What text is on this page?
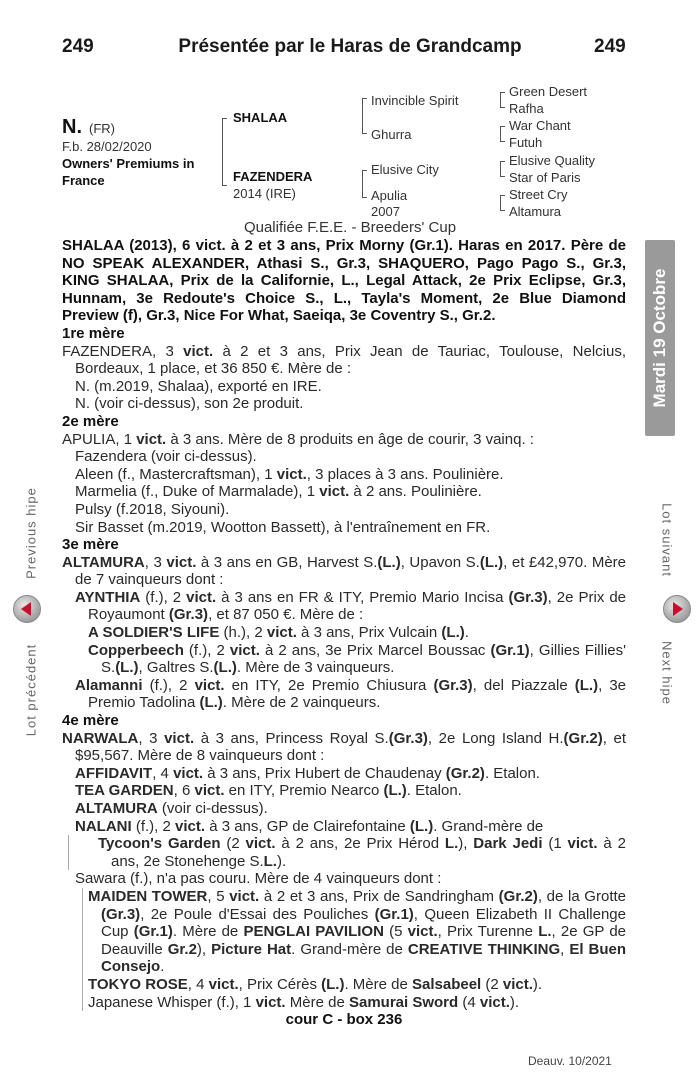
249	Présentée par le Haras de Grandcamp	249
N. (FR)
F.b. 28/02/2020
Owners' Premiums in
France
SHALAA
FAZENDERA
2014 (IRE)
Invincible Spirit
Ghurra
Elusive City
Apulia
2007
Green Desert
Rafha
War Chant
Futuh
Elusive Quality
Star of Paris
Street Cry
Altamura
Qualifiée F.E.E. - Breeders' Cup
Mardi 19 Octobre
Lot suivant
Next hipe
Previous hipe
Lot précédent

SHALAA (2013), 6 vict. à 2 et 3 ans, Prix Morny (Gr.1). Haras en 2017. Père de NO SPEAK ALEXANDER, Athasi S., Gr.3, SHAQUERO, Pago Pago S., Gr.3, KING SHALAA, Prix de la Californie, L., Legal Attack, 2e Prix Eclipse, Gr.3, Hunnam, 3e Redoute's Choice S., L., Tayla's Moment, 2e Blue Diamond Preview (f), Gr.3, Nice For What, Saeiqa, 3e Coventry S., Gr.2.

1re mère

FAZENDERA, 3 vict. à 2 et 3 ans, Prix Jean de Tauriac, Toulouse, Nelcius, Bordeaux, 1 place, et 36 850 €. Mère de :

N. (m.2019, Shalaa), exporté en IRE.

N. (voir ci-dessus), son 2e produit.

2e mère

APULIA, 1 vict. à 3 ans. Mère de 8 produits en âge de courir, 3 vainq. :

Fazendera (voir ci-dessus).

Aleen (f., Mastercraftsman), 1 vict., 3 places à 3 ans. Poulinière.

Marmelia (f., Duke of Marmalade), 1 vict. à 2 ans. Poulinière.

Pulsy (f.2018, Siyouni).

Sir Basset (m.2019, Wootton Bassett), à l'entraînement en FR.

3e mère

ALTAMURA, 3 vict. à 3 ans en GB, Harvest S.(L.), Upavon S.(L.), et £42,970. Mère de 7 vainqueurs dont :

AYNTHIA (f.), 2 vict. à 3 ans en FR & ITY, Premio Mario Incisa (Gr.3), 2e Prix de Royaumont (Gr.3), et 87 050 €. Mère de :

A SOLDIER'S LIFE (h.), 2 vict. à 3 ans, Prix Vulcain (L.).

Copperbeech (f.), 2 vict. à 2 ans, 3e Prix Marcel Boussac (Gr.1), Gillies Fillies' S.(L.), Galtres S.(L.). Mère de 3 vainqueurs.

Alamanni (f.), 2 vict. en ITY, 2e Premio Chiusura (Gr.3), del Piazzale (L.), 3e Premio Tadolina (L.). Mère de 2 vainqueurs.

4e mère

NARWALA, 3 vict. à 3 ans, Princess Royal S.(Gr.3), 2e Long Island H.(Gr.2), et $95,567. Mère de 8 vainqueurs dont :

AFFIDAVIT, 4 vict. à 3 ans, Prix Hubert de Chaudenay (Gr.2). Etalon.

TEA GARDEN, 6 vict. en ITY, Premio Nearco (L.). Etalon.

ALTAMURA (voir ci-dessus).

NALANI (f.), 2 vict. à 3 ans, GP de Clairefontaine (L.). Grand-mère de

Tycoon's Garden (2 vict. à 2 ans, 2e Prix Hérod L.), Dark Jedi (1 vict. à 2 ans, 2e Stonehenge S.L.).

Sawara (f.), n'a pas couru. Mère de 4 vainqueurs dont :

MAIDEN TOWER, 5 vict. à 2 et 3 ans, Prix de Sandringham (Gr.2), de la Grotte (Gr.3), 2e Poule d'Essai des Pouliches (Gr.1), Queen Elizabeth II Challenge Cup (Gr.1). Mère de PENGLAI PAVILION (5 vict., Prix Turenne L., 2e GP de Deauville Gr.2), Picture Hat. Grand-mère de CREATIVE THINKING, El Buen Consejo.

TOKYO ROSE, 4 vict., Prix Cérès (L.). Mère de Salsabeel (2 vict.).

Japanese Whisper (f.), 1 vict. Mère de Samurai Sword (4 vict.).

cour C - box 236

Deauv. 10/2021
